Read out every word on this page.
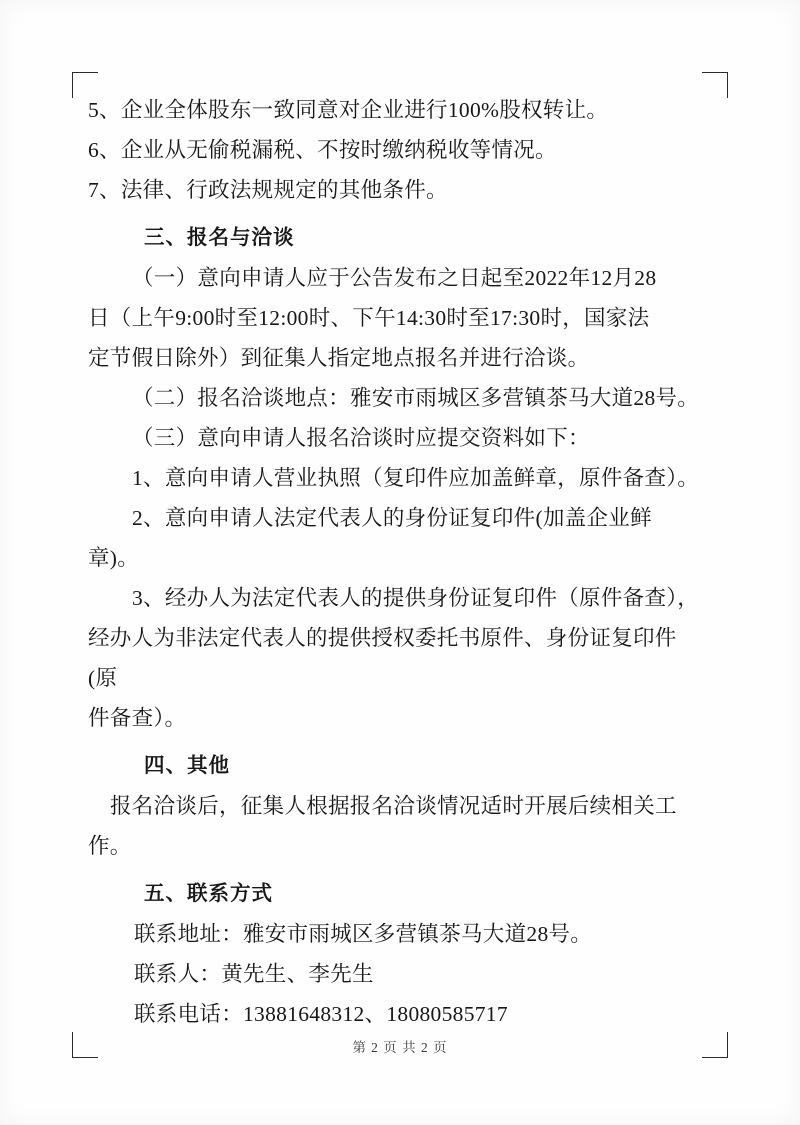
5、企业全体股东一致同意对企业进行100%股权转让。
6、企业从无偷税漏税、不按时缴纳税收等情况。
7、法律、行政法规规定的其他条件。
三、报名与洽谈
（一）意向申请人应于公告发布之日起至2022年12月28
日（上午9:00时至12:00时、下午14:30时至17:30时，国家法
定节假日除外）到征集人指定地点报名并进行洽谈。
（二）报名洽谈地点：雅安市雨城区多营镇茶马大道28号。
（三）意向申请人报名洽谈时应提交资料如下：
1、意向申请人营业执照（复印件应加盖鲜章，原件备查）。
2、意向申请人法定代表人的身份证复印件(加盖企业鲜章)。
3、经办人为法定代表人的提供身份证复印件（原件备查），
经办人为非法定代表人的提供授权委托书原件、身份证复印件(原
件备查）。
四、其他
报名洽谈后，征集人根据报名洽谈情况适时开展后续相关工
作。
五、联系方式
联系地址：雅安市雨城区多营镇茶马大道28号。
联系人：黄先生、李先生
联系电话：13881648312、18080585717
第 2 页 共 2 页
